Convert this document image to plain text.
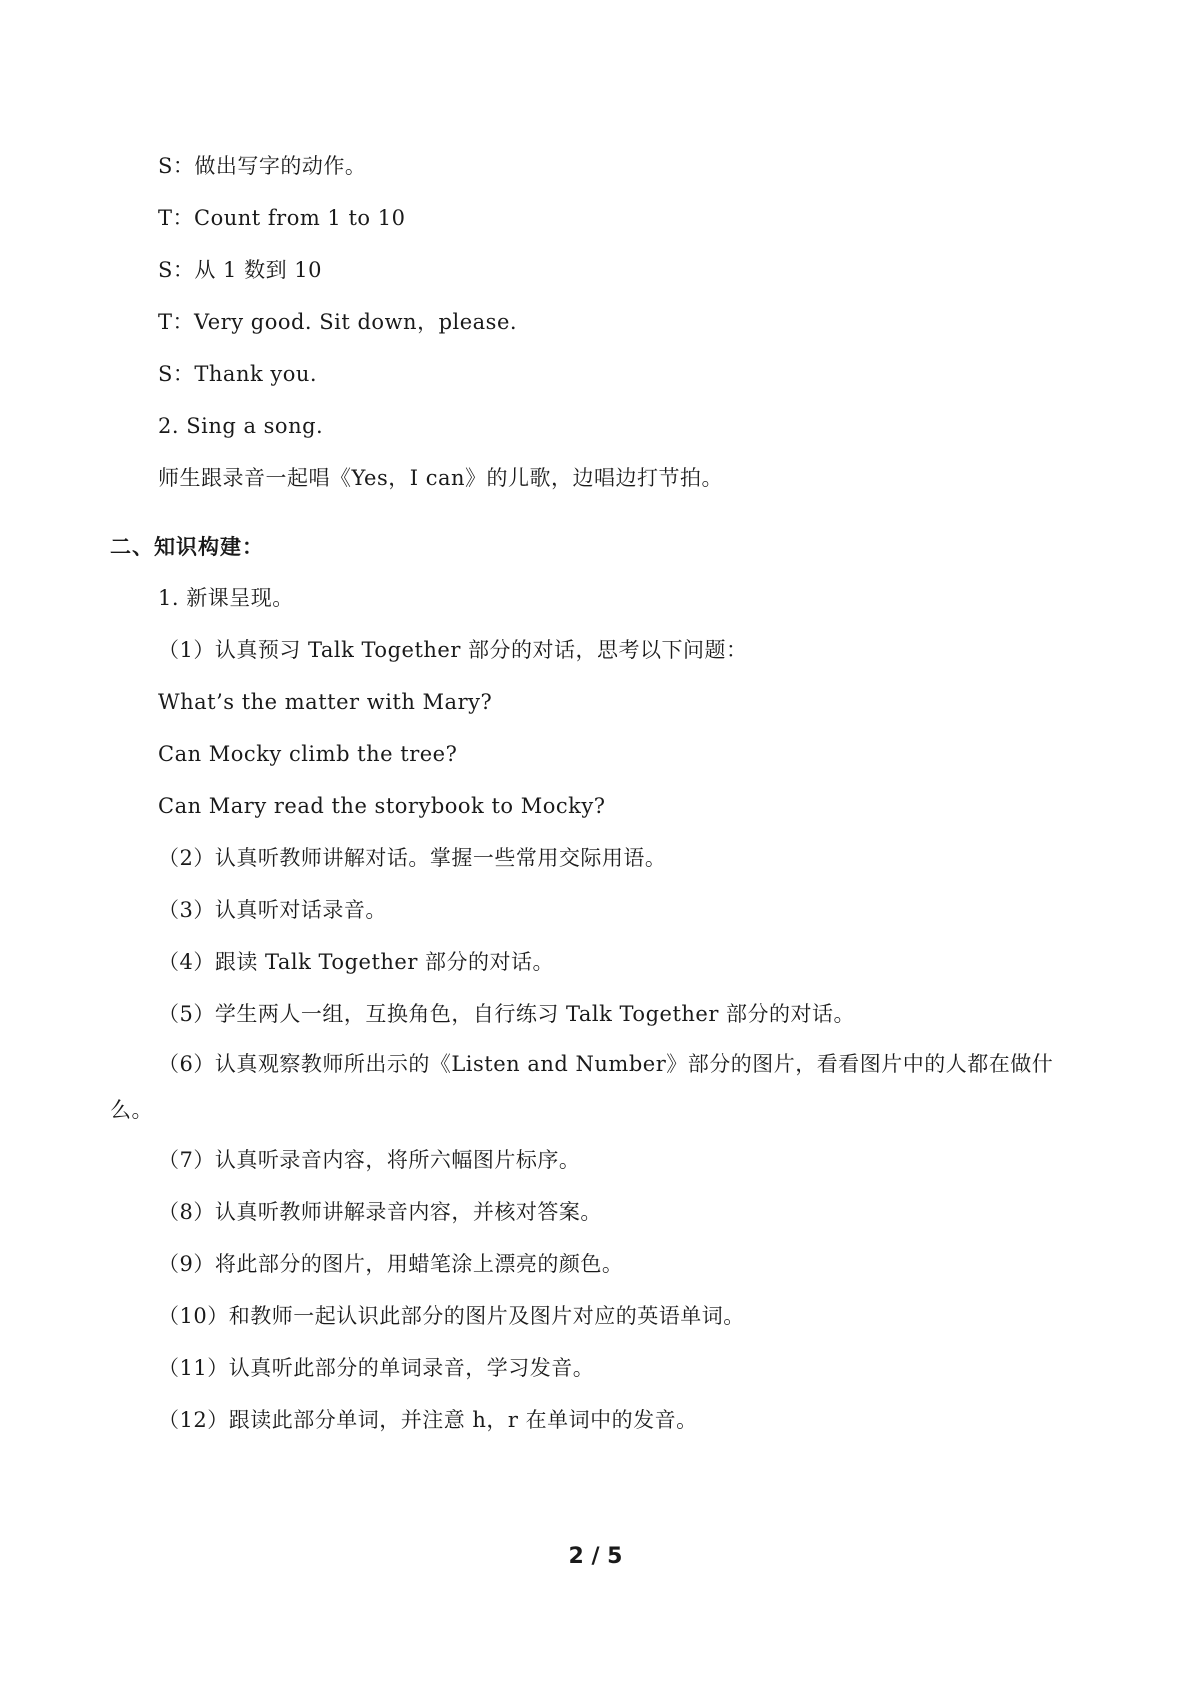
S：做出写字的动作。
T：Count from 1 to 10
S：从 1 数到 10
T：Very good. Sit down，please.
S：Thank you.
2. Sing a song.
师生跟录音一起唱《Yes，I can》的儿歌，边唱边打节拍。
二、知识构建：
1. 新课呈现。
（1）认真预习 Talk Together 部分的对话，思考以下问题：
What’s the matter with Mary?
Can Mocky climb the tree?
Can Mary read the storybook to Mocky?
（2）认真听教师讲解对话。掌握一些常用交际用语。
（3）认真听对话录音。
（4）跟读 Talk Together 部分的对话。
（5）学生两人一组，互换角色，自行练习 Talk Together 部分的对话。
（6）认真观察教师所出示的《Listen and Number》部分的图片，看看图片中的人都在做什么。
（7）认真听录音内容，将所六幅图片标序。
（8）认真听教师讲解录音内容，并核对答案。
（9）将此部分的图片，用蜡笔涂上漂亮的颜色。
（10）和教师一起认识此部分的图片及图片对应的英语单词。
（11）认真听此部分的单词录音，学习发音。
（12）跟读此部分单词，并注意 h，r 在单词中的发音。
2 / 5
